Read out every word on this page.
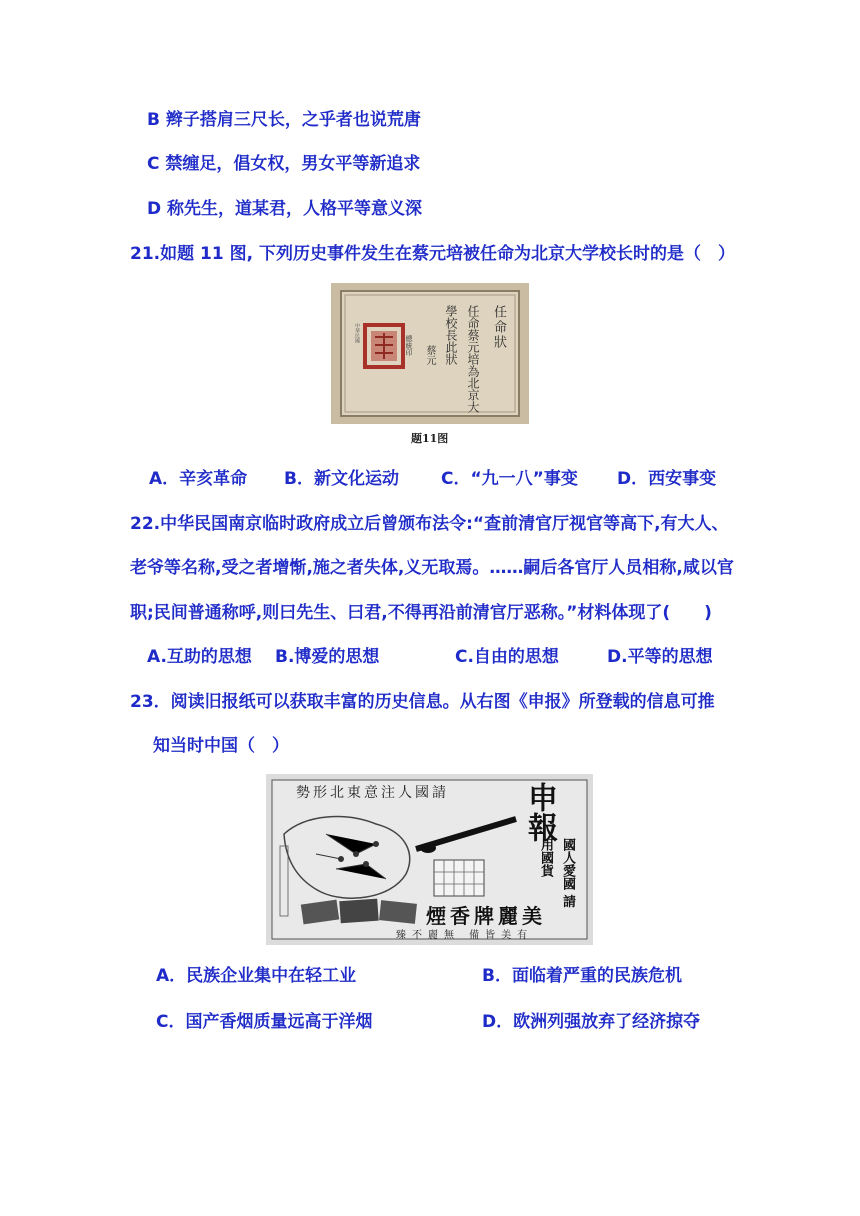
B 辫子搭肩三尺长，之乎者也说荒唐
C 禁缠足，倡女权，男女平等新追求
D 称先生，道某君，人格平等意义深
21.如题 11 图, 下列历史事件发生在蔡元培被任命为北京大学校长时的是（　）
中華民國
總統印	任命狀
任命蔡元培為北京大
學校長此狀
蔡元
题11图
A．辛亥革命 B．新文化运动 C．“九一八”事变 D．西安事变
22.中华民国南京临时政府成立后曾颁布法令:“查前清官厅视官等高下,有大人、
老爷等名称,受之者增惭,施之者失体,义无取焉。……嗣后各官厅人员相称,咸以官
职;民间普通称呼,则曰先生、曰君,不得再沿前清官厅恶称。”材料体现了(　　)
A.互助的思想 B.博爱的思想	C.自由的思想	D.平等的思想
23．阅读旧报纸可以获取丰富的历史信息。从右图《申报》所登载的信息可推
知当时中国（　）
請國人注意東北形勢 申報
國人愛國 請用國貨
美麗牌香煙
有美皆備 無麗不臻
A．民族企业集中在轻工业	B．面临着严重的民族危机
C．国产香烟质量远高于洋烟	D．欧洲列强放弃了经济掠夺
